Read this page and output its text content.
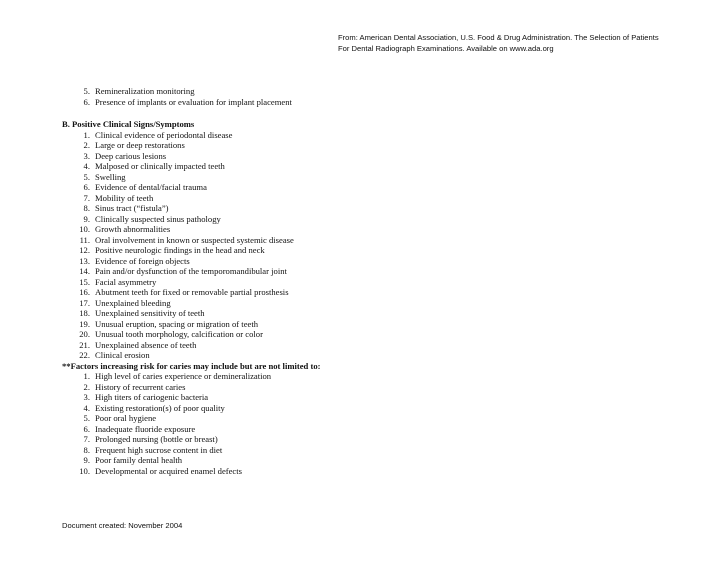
From: American Dental Association, U.S. Food & Drug Administration. The Selection of Patients
For Dental Radiograph Examinations. Available on www.ada.org
5. Remineralization monitoring
6. Presence of implants or evaluation for implant placement
B. Positive Clinical Signs/Symptoms
1. Clinical evidence of periodontal disease
2. Large or deep restorations
3. Deep carious lesions
4. Malposed or clinically impacted teeth
5. Swelling
6. Evidence of dental/facial trauma
7. Mobility of teeth
8. Sinus tract (“fistula”)
9. Clinically suspected sinus pathology
10. Growth abnormalities
11. Oral involvement in known or suspected systemic disease
12. Positive neurologic findings in the head and neck
13. Evidence of foreign objects
14. Pain and/or dysfunction of the temporomandibular joint
15. Facial asymmetry
16. Abutment teeth for fixed or removable partial prosthesis
17. Unexplained bleeding
18. Unexplained sensitivity of teeth
19. Unusual eruption, spacing or migration of teeth
20. Unusual tooth morphology, calcification or color
21. Unexplained absence of teeth
22. Clinical erosion
**Factors increasing risk for caries may include but are not limited to:
1. High level of caries experience or demineralization
2. History of recurrent caries
3. High titers of cariogenic bacteria
4. Existing restoration(s) of poor quality
5. Poor oral hygiene
6. Inadequate fluoride exposure
7. Prolonged nursing (bottle or breast)
8. Frequent high sucrose content in diet
9. Poor family dental health
10. Developmental or acquired enamel defects
Document created: November 2004
